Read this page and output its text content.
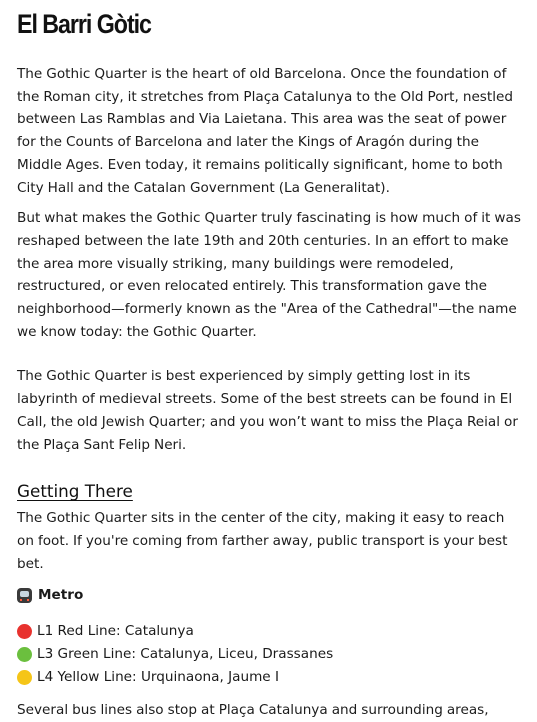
El Barri Gòtic

The Gothic Quarter is the heart of old Barcelona. Once the foundation of the Roman city, it stretches from Plaça Catalunya to the Old Port, nestled between Las Ramblas and Via Laietana. This area was the seat of power for the Counts of Barcelona and later the Kings of Aragón during the Middle Ages. Even today, it remains politically significant, home to both City Hall and the Catalan Government (La Generalitat).

But what makes the Gothic Quarter truly fascinating is how much of it was reshaped between the late 19th and 20th centuries. In an effort to make the area more visually striking, many buildings were remodeled, restructured, or even relocated entirely. This transformation gave the neighborhood—formerly known as the "Area of the Cathedral"—the name we know today: the Gothic Quarter.

The Gothic Quarter is best experienced by simply getting lost in its labyrinth of medieval streets. Some of the best streets can be found in El Call, the old Jewish Quarter; and you won’t want to miss the Plaça Reial or the Plaça Sant Felip Neri.

Getting There

The Gothic Quarter sits in the center of the city, making it easy to reach on foot. If you're coming from farther away, public transport is your best bet.

Metro
L1 Red Line: Catalunya
L3 Green Line: Catalunya, Liceu, Drassanes
L4 Yellow Line: Urquinaona, Jaume I

Several bus lines also stop at Plaça Catalunya and surrounding areas,
